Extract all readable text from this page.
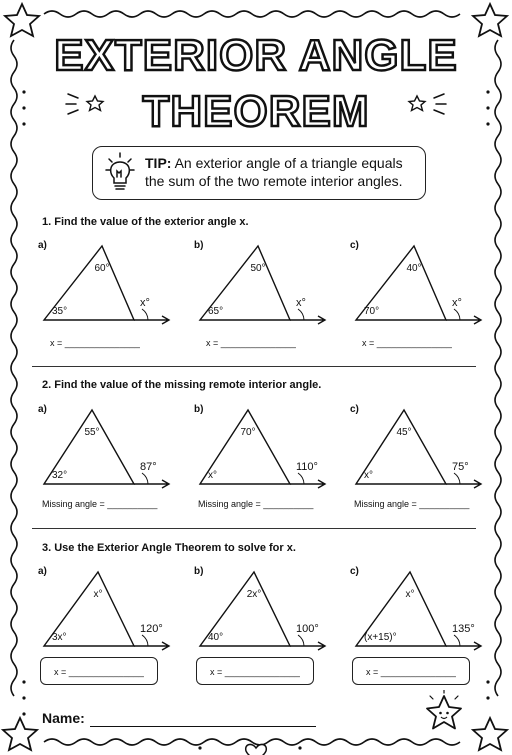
EXTERIOR ANGLE
THEOREM
TIP: An exterior angle of a triangle equals the sum of the two remote interior angles.
1. Find the value of the exterior angle x.
2. Find the value of the missing remote interior angle.
3. Use the Exterior Angle Theorem to solve for x.
a)
60°
35°
x°
x = _______________
b)
50°
65°
x°
x = _______________
c)
40°
70°
x°
x = _______________
a)
55°
32°
87°
Missing angle = __________
b)
70°
x°
110°
Missing angle = __________
c)
45°
x°
75°
Missing angle = __________
a)
x°
3x°
120°
x = _______________
b)
2x°
40°
100°
x = _______________
c)
x°
(x+15)°
135°
x = _______________
Name:
